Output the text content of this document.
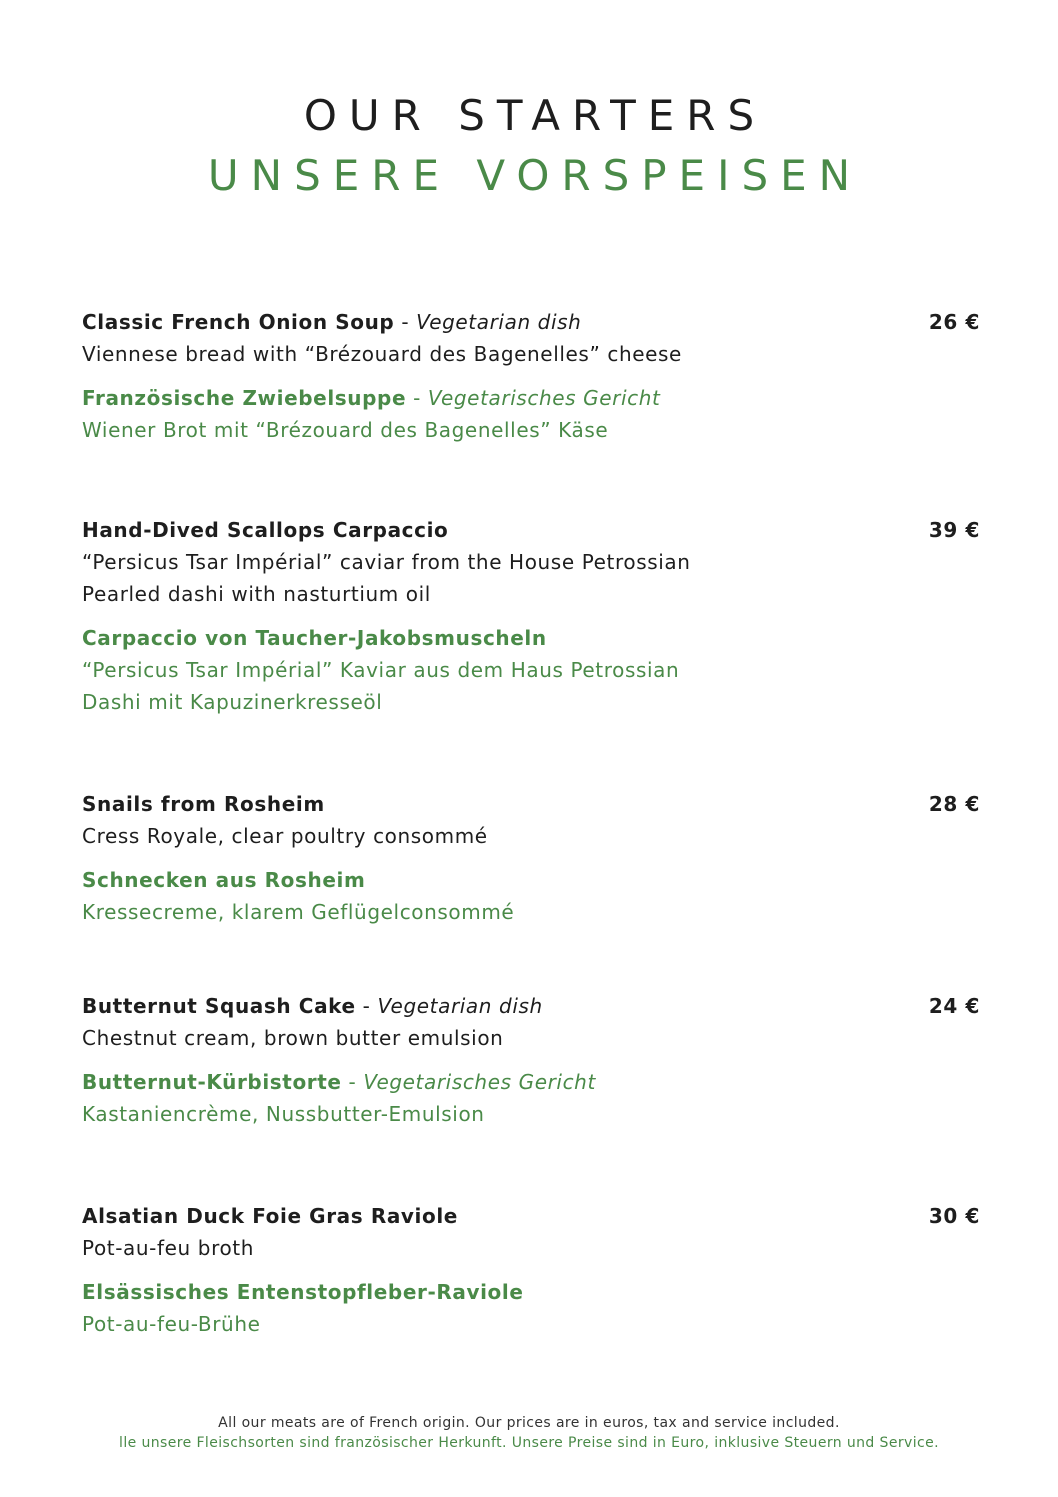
OUR STARTERS
UNSERE VORSPEISEN
26 €
Classic French Onion Soup - Vegetarian dish
Viennese bread with “Brézouard des Bagenelles” cheese
Französische Zwiebelsuppe - Vegetarisches Gericht
Wiener Brot mit “Brézouard des Bagenelles” Käse
39 €
Hand-Dived Scallops Carpaccio
“Persicus Tsar Impérial” caviar from the House Petrossian
Pearled dashi with nasturtium oil
Carpaccio von Taucher-Jakobsmuscheln
“Persicus Tsar Impérial” Kaviar aus dem Haus Petrossian
Dashi mit Kapuzinerkresseöl
28 €
Snails from Rosheim
Cress Royale, clear poultry consommé
Schnecken aus Rosheim
Kressecreme, klarem Geflügelconsommé
24 €
Butternut Squash Cake - Vegetarian dish
Chestnut cream, brown butter emulsion
Butternut-Kürbistorte - Vegetarisches Gericht
Kastaniencrème, Nussbutter-Emulsion
30 €
Alsatian Duck Foie Gras Raviole
Pot-au-feu broth
Elsässisches Entenstopfleber-Raviole
Pot-au-feu-Brühe
All our meats are of French origin. Our prices are in euros, tax and service included.
lle unsere Fleischsorten sind französischer Herkunft. Unsere Preise sind in Euro, inklusive Steuern und Service.
